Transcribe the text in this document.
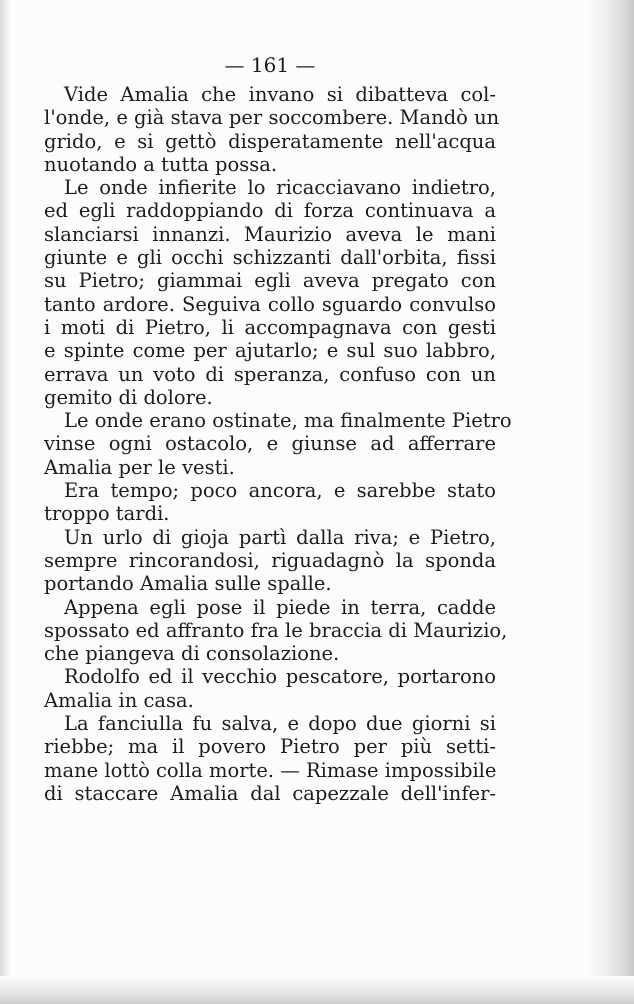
— 161 —
Vide Amalia che invano si dibatteva col-
l'onde, e già stava per soccombere. Mandò un
grido, e si gettò disperatamente nell'acqua
nuotando a tutta possa.
Le onde infierite lo ricacciavano indietro,
ed egli raddoppiando di forza continuava a
slanciarsi innanzi. Maurizio aveva le mani
giunte e gli occhi schizzanti dall'orbita, fissi
su Pietro; giammai egli aveva pregato con
tanto ardore. Seguiva collo sguardo convulso
i moti di Pietro, li accompagnava con gesti
e spinte come per ajutarlo; e sul suo labbro,
errava un voto di speranza, confuso con un
gemito di dolore.
Le onde erano ostinate, ma finalmente Pietro
vinse ogni ostacolo, e giunse ad afferrare
Amalia per le vesti.
Era tempo; poco ancora, e sarebbe stato
troppo tardi.
Un urlo di gioja partì dalla riva; e Pietro,
sempre rincorandosi, riguadagnò la sponda
portando Amalia sulle spalle.
Appena egli pose il piede in terra, cadde
spossato ed affranto fra le braccia di Maurizio,
che piangeva di consolazione.
Rodolfo ed il vecchio pescatore, portarono
Amalia in casa.
La fanciulla fu salva, e dopo due giorni si
riebbe; ma il povero Pietro per più setti-
mane lottò colla morte. — Rimase impossibile
di staccare Amalia dal capezzale dell'infer-
